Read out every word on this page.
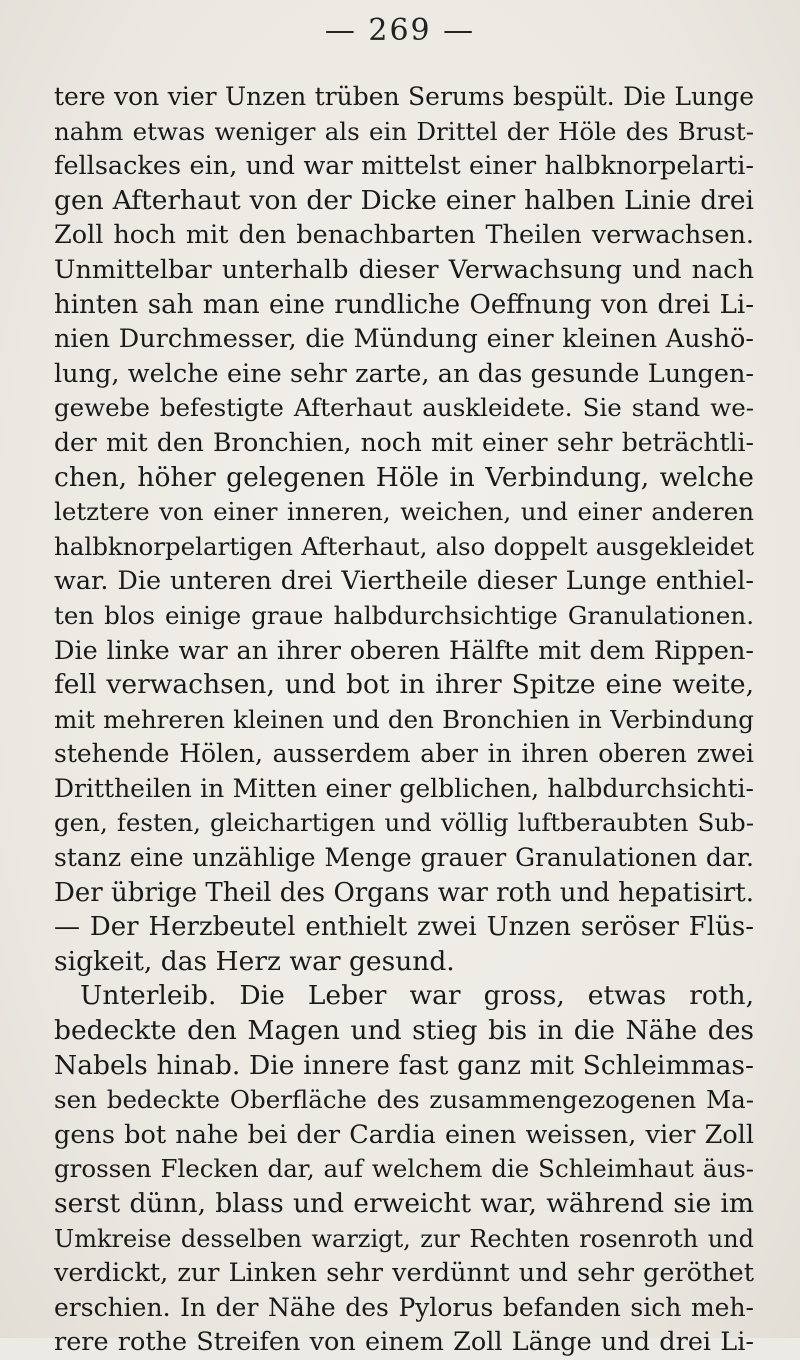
— 269 —
tere von vier Unzen trüben Serums bespült. Die Lunge
nahm etwas weniger als ein Drittel der Höle des Brust-
fellsackes ein, und war mittelst einer halbknorpelarti-
gen Afterhaut von der Dicke einer halben Linie drei
Zoll hoch mit den benachbarten Theilen verwachsen.
Unmittelbar unterhalb dieser Verwachsung und nach
hinten sah man eine rundliche Oeffnung von drei Li-
nien Durchmesser, die Mündung einer kleinen Aushö-
lung, welche eine sehr zarte, an das gesunde Lungen-
gewebe befestigte Afterhaut auskleidete. Sie stand we-
der mit den Bronchien, noch mit einer sehr beträchtli-
chen, höher gelegenen Höle in Verbindung, welche
letztere von einer inneren, weichen, und einer anderen
halbknorpelartigen Afterhaut, also doppelt ausgekleidet
war. Die unteren drei Viertheile dieser Lunge enthiel-
ten blos einige graue halbdurchsichtige Granulationen.
Die linke war an ihrer oberen Hälfte mit dem Rippen-
fell verwachsen, und bot in ihrer Spitze eine weite,
mit mehreren kleinen und den Bronchien in Verbindung
stehende Hölen, ausserdem aber in ihren oberen zwei
Drittheilen in Mitten einer gelblichen, halbdurchsichti-
gen, festen, gleichartigen und völlig luftberaubten Sub-
stanz eine unzählige Menge grauer Granulationen dar.
Der übrige Theil des Organs war roth und hepatisirt.
— Der Herzbeutel enthielt zwei Unzen seröser Flüs-
sigkeit, das Herz war gesund.
Unterleib. Die Leber war gross, etwas roth,
bedeckte den Magen und stieg bis in die Nähe des
Nabels hinab. Die innere fast ganz mit Schleimmas-
sen bedeckte Oberfläche des zusammengezogenen Ma-
gens bot nahe bei der Cardia einen weissen, vier Zoll
grossen Flecken dar, auf welchem die Schleimhaut äus-
serst dünn, blass und erweicht war, während sie im
Umkreise desselben warzigt, zur Rechten rosenroth und
verdickt, zur Linken sehr verdünnt und sehr geröthet
erschien. In der Nähe des Pylorus befanden sich meh-
rere rothe Streifen von einem Zoll Länge und drei Li-
